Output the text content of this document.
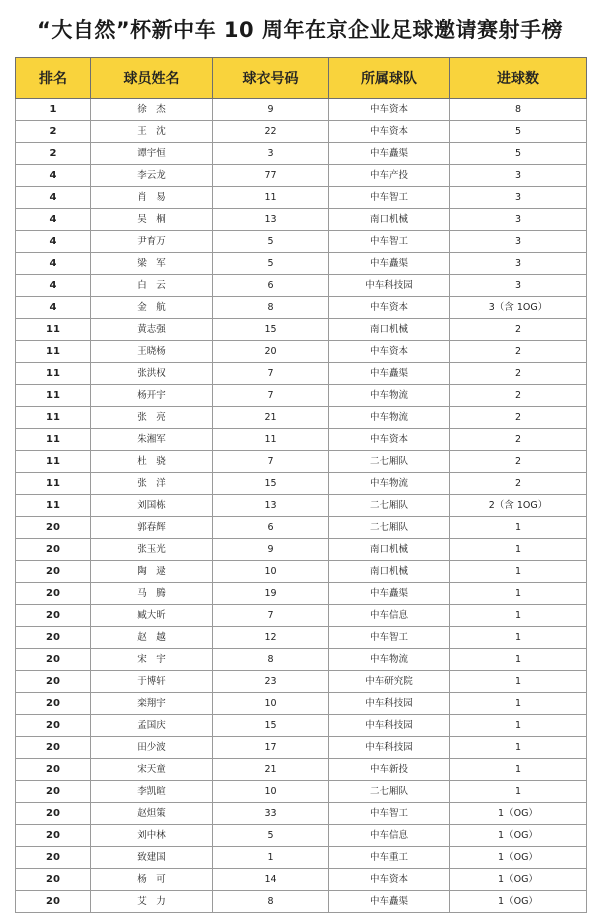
“大自然”杯新中车 10 周年在京企业足球邀请赛射手榜
排名	球员姓名	球衣号码	所属球队	进球数
1	徐　杰	9	中车资本	8
2	王　沈	22	中车资本	5
2	谭宇恒	3	中车矗渠	5
4	李云龙	77	中车产投	3
4	肖　易	11	中车智工	3
4	吴　桐	13	南口机械	3
4	尹育万	5	中车智工	3
4	梁　军	5	中车矗渠	3
4	白　云	6	中车科技园	3
4	金　航	8	中车资本	3（含 1OG）
11	黄志强	15	南口机械	2
11	王晓杨	20	中车资本	2
11	张洪权	7	中车矗渠	2
11	杨开宇	7	中车物流	2
11	张　亮	21	中车物流	2
11	朱湘军	11	中车资本	2
11	杜　骁	7	二七厢队	2
11	张　洋	15	中车物流	2
11	刘国栋	13	二七厢队	2（含 1OG）
20	郭春辉	6	二七厢队	1
20	张玉光	9	南口机械	1
20	陶　逯	10	南口机械	1
20	马　腾	19	中车矗渠	1
20	臧大昕	7	中车信息	1
20	赵　越	12	中车智工	1
20	宋　宇	8	中车物流	1
20	于博轩	23	中车研究院	1
20	栾翔宇	10	中车科技园	1
20	孟国庆	15	中车科技园	1
20	田少波	17	中车科技园	1
20	宋天童	21	中车新投	1
20	李凯暄	10	二七厢队	1
20	赵炟策	33	中车智工	1（OG）
20	刘中林	5	中车信息	1（OG）
20	致建国	1	中车重工	1（OG）
20	杨　可	14	中车资本	1（OG）
20	艾　力	8	中车矗渠	1（OG）
